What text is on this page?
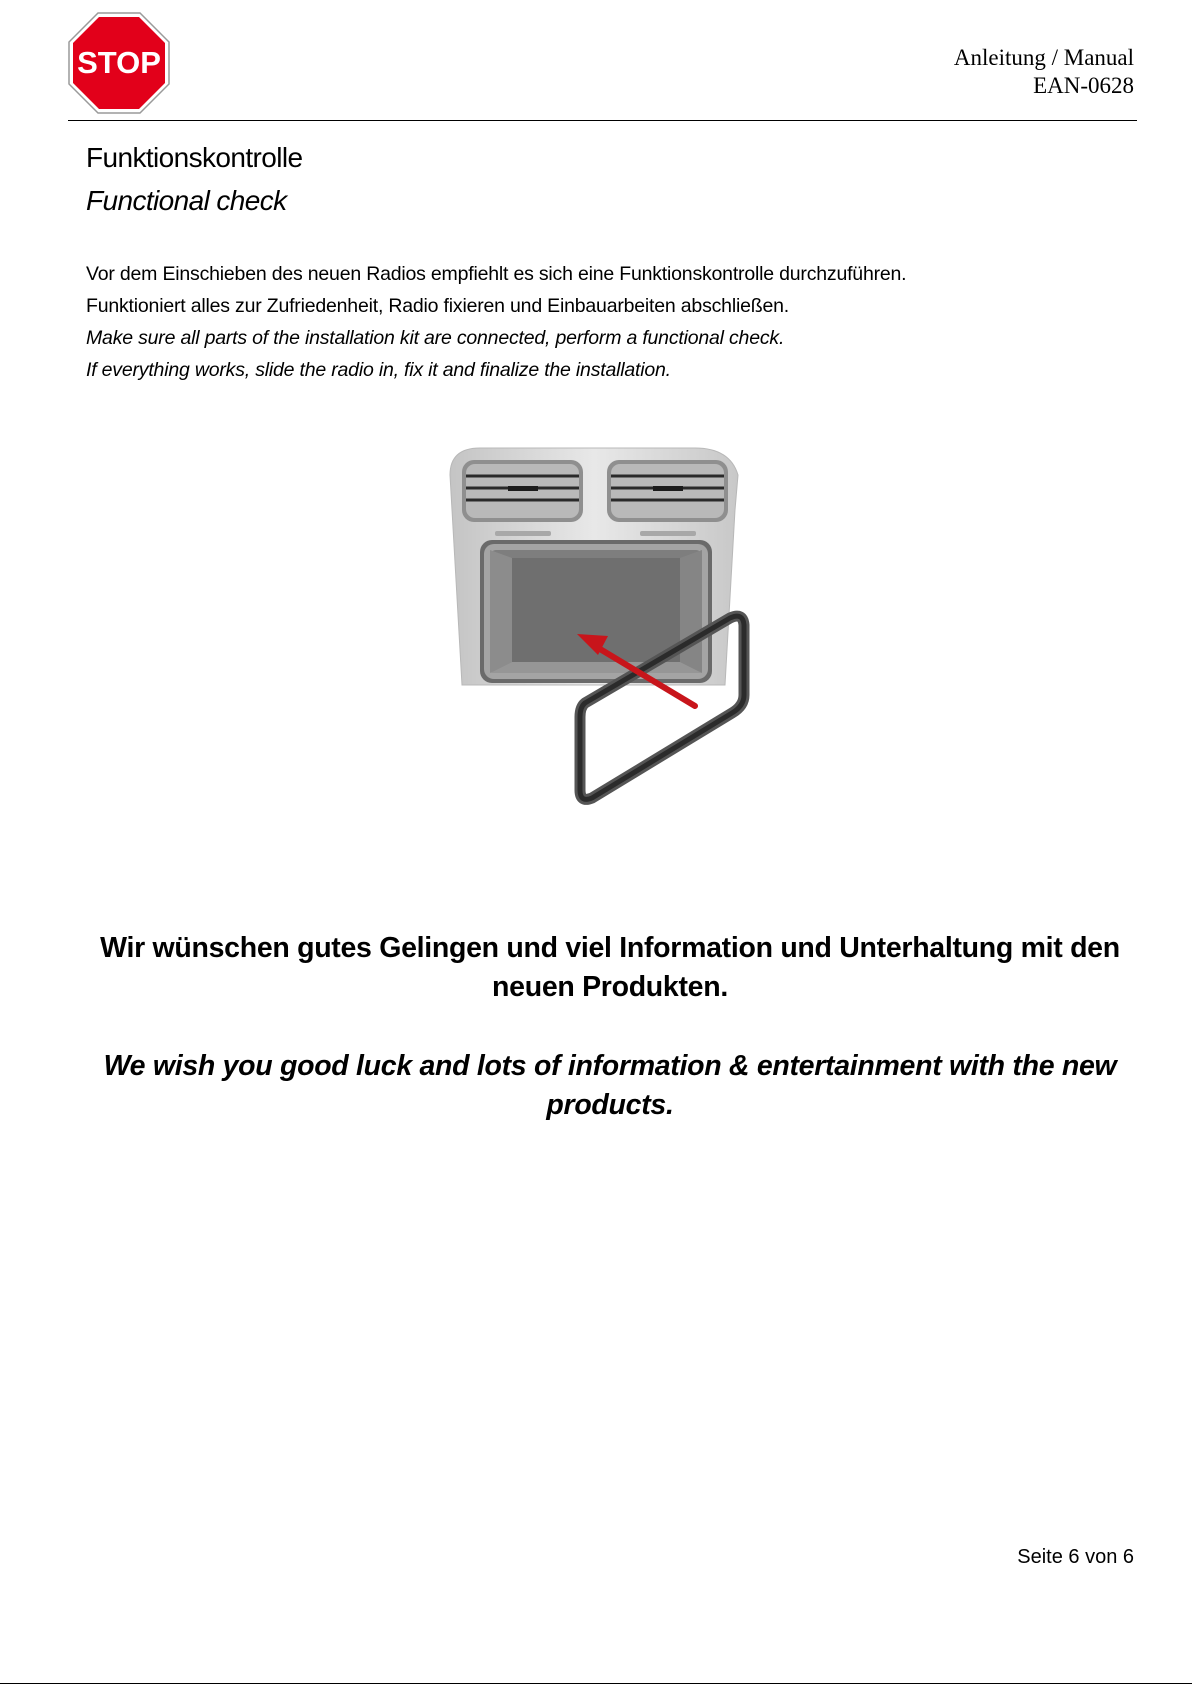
STOP	Anleitung / Manual
EAN-0628
Funktionskontrolle
Functional check

Vor dem Einschieben des neuen Radios empfiehlt es sich eine Funktionskontrolle durchzuführen.

Funktioniert alles zur Zufriedenheit, Radio fixieren und Einbauarbeiten abschließen.

Make sure all parts of the installation kit are connected, perform a functional check.

If everything works, slide the radio in, fix it and finalize the installation.

Wir wünschen gutes Gelingen und viel Information und Unterhaltung mit den neuen Produkten.
We wish you good luck and lots of information & entertainment with the new products.
Seite 6 von 6
